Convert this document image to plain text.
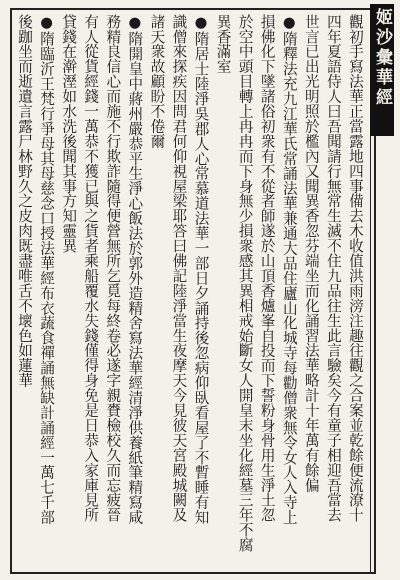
姬沙彙華經
觀初手寫法華正當露地四事備去木收值洪雨滂注趣往觀之合案並乾餘便流潦十
四年夏語侍人曰吾聞請行無常生滅不住九品往生此言驗矣今有童子相迎吾當去
世言已出光明照於檻內又聞異香忽芬端坐而化誦習法華略計十年萬有餘偏
●隋釋法充九江華氏常誦法華兼通大品住廬山化城寺每勸僧衆無令女人入寺上
損佛化下墜諸俗初衆有不從者師遂於山頂香爐峯自投而下誓粉身骨用生淨土忽
於空中頭目轉上冉冉而下身無少損衆感其異相戒始斷女人開皇末坐化經墓三年不腐
異香滿室
●隋居士陸淨吳郡人心常慕道法華一部日夕誦持後忽病仰臥看屋了不暫睡有知
識僧來探疾因問君何仰視屋梁耶答曰佛記陸淨當生夜摩天今見彼天宮殿城闕及
諸天衆故顧盼不倦爾
●隋開皇中蔣州嚴恭平生淨心飯法於郭外造精舍寫法華經清淨供養紙筆精寫咸
務精良信心而施不行欺詐隨得便營無所乞覓每終卷必遂字親賚檢校久而忘疲晉
有人從貨經錢一萬恭不獲已與之貨者乘船覆水失錢僅得身免是日恭入家庫見所
貸錢在澣溼如水洗後聞其事方知靈異
●隋臨沂王梵行爭母其母慈念口授法華經布衣蔬食禪誦無缺計誦經一萬七千部
後跏坐而逝遺言露尸林野久之皮肉既盡唯舌不壞色如蓮華
